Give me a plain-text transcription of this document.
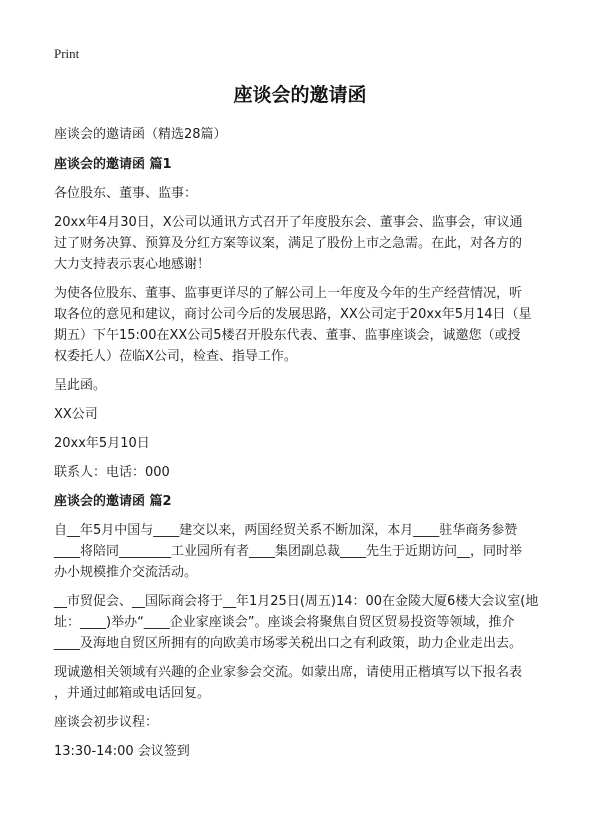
Print
座谈会的邀请函

座谈会的邀请函（精选28篇）

座谈会的邀请函 篇1

各位股东、董事、监事：

20xx年4月30日，X公司以通讯方式召开了年度股东会、董事会、监事会，审议通
过了财务决算、预算及分红方案等议案，满足了股份上市之急需。在此，对各方的
大力支持表示衷心地感谢！

为使各位股东、董事、监事更详尽的了解公司上一年度及今年的生产经营情况，听
取各位的意见和建议，商讨公司今后的发展思路，XX公司定于20xx年5月14日（星
期五）下午15:00在XX公司5楼召开股东代表、董事、监事座谈会，诚邀您（或授
权委托人）莅临X公司，检查、指导工作。

呈此函。

XX公司

20xx年5月10日

联系人：电话：000

座谈会的邀请函 篇2

自__年5月中国与____建交以来，两国经贸关系不断加深，本月____驻华商务参赞
____将陪同________工业园所有者____集团副总裁____先生于近期访问__，同时举
办小规模推介交流活动。

__市贸促会、__国际商会将于__年1月25日(周五)14：00在金陵大厦6楼大会议室(地
址：____)举办“____企业家座谈会”。座谈会将聚焦自贸区贸易投资等领域，推介
____及海地自贸区所拥有的向欧美市场零关税出口之有利政策，助力企业走出去。

现诚邀相关领域有兴趣的企业家参会交流。如蒙出席，请使用正楷填写以下报名表
，并通过邮箱或电话回复。

座谈会初步议程：

13:30-14:00 会议签到
